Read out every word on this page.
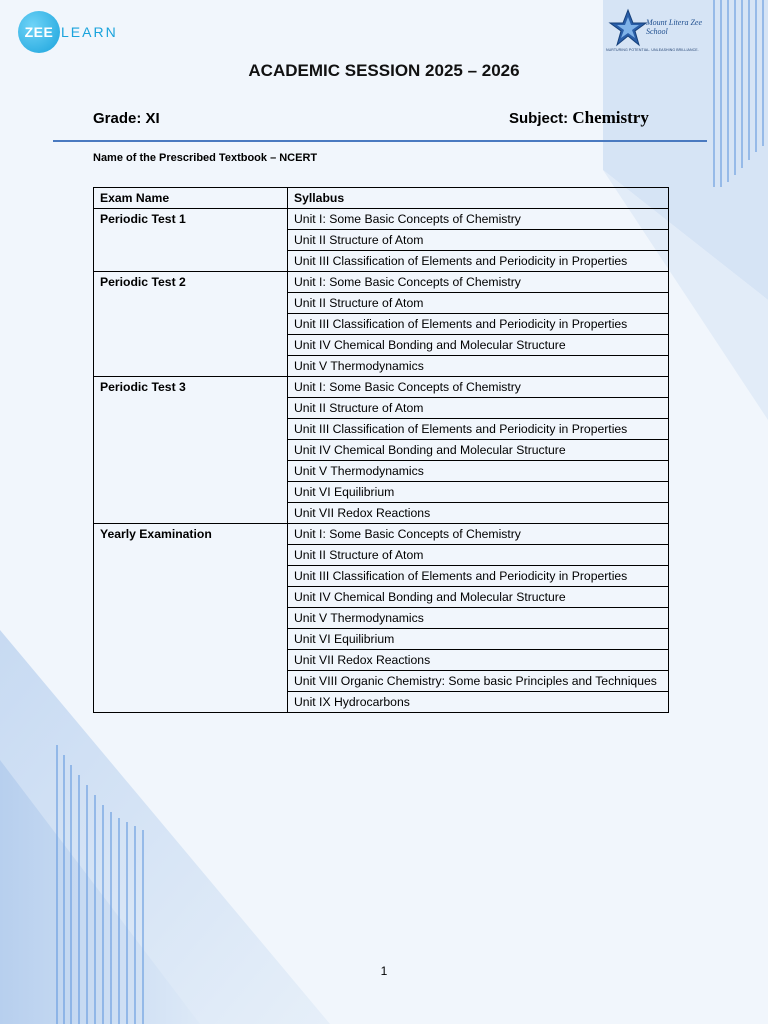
ZEE LEARN
Mount Litera Zee School
NURTURING POTENTIAL. UNLEASHING BRILLIANCE.
ACADEMIC SESSION 2025 – 2026
Grade: XI	Subject: Chemistry
Name of the Prescribed Textbook – NCERT
Exam Name	Syllabus
Periodic Test 1	Unit I: Some Basic Concepts of Chemistry
	Unit II Structure of Atom
	Unit III Classification of Elements and Periodicity in Properties
Periodic Test 2	Unit I: Some Basic Concepts of Chemistry
	Unit II Structure of Atom
	Unit III Classification of Elements and Periodicity in Properties
	Unit IV Chemical Bonding and Molecular Structure
	Unit V Thermodynamics
Periodic Test 3	Unit I: Some Basic Concepts of Chemistry
	Unit II Structure of Atom
	Unit III Classification of Elements and Periodicity in Properties
	Unit IV Chemical Bonding and Molecular Structure
	Unit V Thermodynamics
	Unit VI Equilibrium
	Unit VII Redox Reactions
Yearly Examination	Unit I: Some Basic Concepts of Chemistry
	Unit II Structure of Atom
	Unit III Classification of Elements and Periodicity in Properties
	Unit IV Chemical Bonding and Molecular Structure
	Unit V Thermodynamics
	Unit VI Equilibrium
	Unit VII Redox Reactions
	Unit VIII Organic Chemistry: Some basic Principles and Techniques
	Unit IX Hydrocarbons
1
